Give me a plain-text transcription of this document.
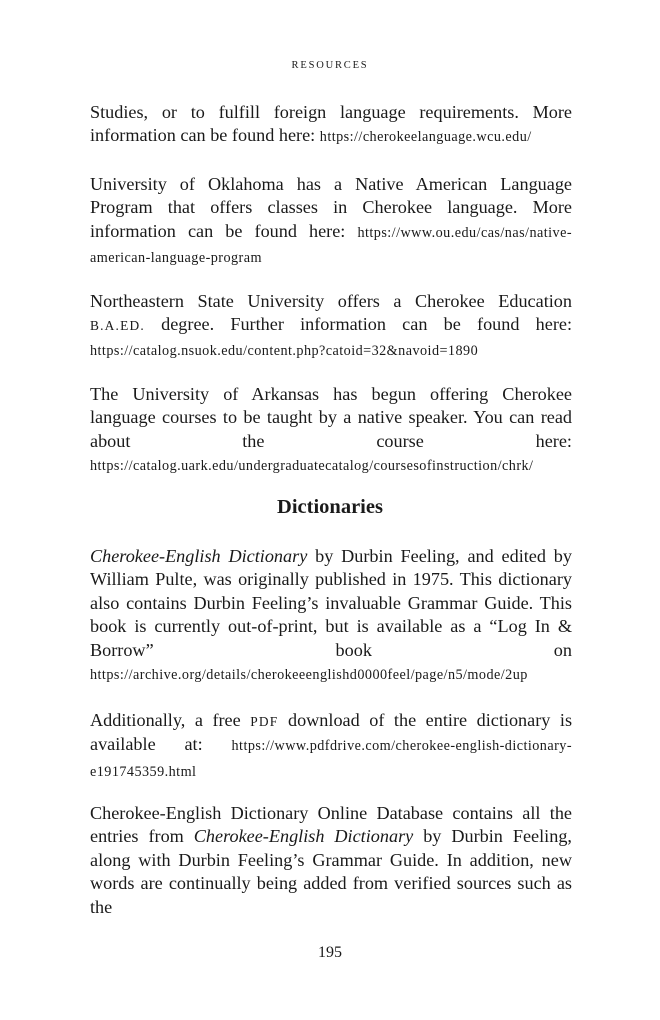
RESOURCES

Studies, or to fulfill foreign language requirements. More information can be found here: https://cherokeelanguage.wcu.edu/

University of Oklahoma has a Native American Language Program that offers classes in Cherokee language. More information can be found here: https://www.ou.edu/cas/nas/native-american-language-program

Northeastern State University offers a Cherokee Education B.A.ED. degree. Further information can be found here: https://catalog.nsuok.edu/content.php?catoid=32&navoid=1890

The University of Arkansas has begun offering Cherokee language courses to be taught by a native speaker. You can read about the course here: https://catalog.uark.edu/undergraduatecatalog/coursesofinstruction/chrk/

Dictionaries

Cherokee-English Dictionary by Durbin Feeling, and edited by William Pulte, was originally published in 1975. This dictionary also contains Durbin Feeling’s invaluable Grammar Guide. This book is currently out-of-print, but is available as a “Log In & Borrow” book on https://archive.org/details/cherokeeenglishd0000feel/page/n5/mode/2up

Additionally, a free PDF download of the entire dictionary is available at: https://www.pdfdrive.com/cherokee-english-dictionary-e191745359.html

Cherokee-English Dictionary Online Database contains all the entries from Cherokee-English Dictionary by Durbin Feeling, along with Durbin Feeling’s Grammar Guide. In addition, new words are continually being added from verified sources such as the

195
